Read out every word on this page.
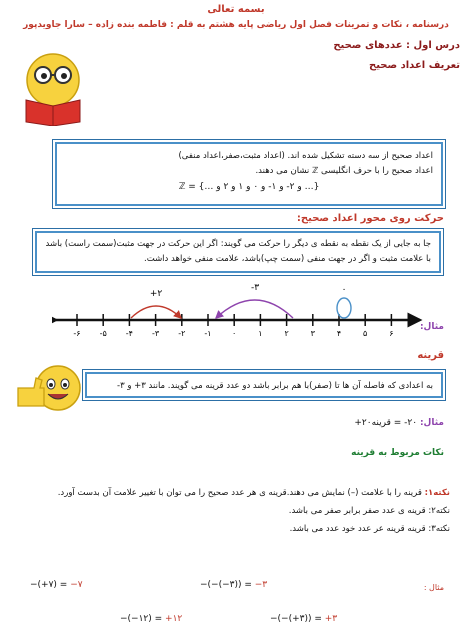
بسمه تعالی
درسنامه ، نکات و تمرینات فصل اول ریاضی پایه هشتم به قلم : فاطمه بنده زاده – سارا جاویدپور
درس اول : عددهای صحیح
تعریف اعداد صحیح
اعداد صحیح از سه دسته تشکیل شده اند. (اعداد مثبت،صفر،اعداد منفی)
اعداد صحیح را با حرف انگلیسی ℤ نشان می دهند.
ℤ = {… و ۲- و ۱- و ۰ و ۱ و ۲ و …}
حرکت روی محور اعداد صحیح:
جا به جایی از یک نقطه به نقطه ی دیگر را حرکت می گویند: اگر این حرکت در جهت مثبت(سمت راست) باشد با علامت مثبت و اگر در جهت منفی (سمت چپ)باشد، علامت منفی خواهد داشت.
-۶ -۵ -۴ -۳ -۲ -۱	۰	۱	۲	۳	۴	۵	۶
+۲
-۳	۰
مثال:
قرینه
به اعدادی که فاصله آن ها تا (صفر)با هم برابر باشد دو عدد قرینه می گویند. مانند ۳+ و ۳-
مثال: ۲۰- = قرینه۲۰+
نکات مربوط به قرینه
نکته۱: قرینه را با علامت (–) نمایش می دهند.قرینه ی هر عدد صحیح را می توان با تغییر علامت آن بدست آورد.
نکته۲: قرینه ی عدد صفر برابر صفر می باشد.
نکته۳: قرینه قرینه عر عدد خود عدد می باشد.
مثال :
−(+۷) = −۷	−(−(−۳)) = −۳
−(−۱۲) = +۱۲	−(−(+۳)) = +۳
